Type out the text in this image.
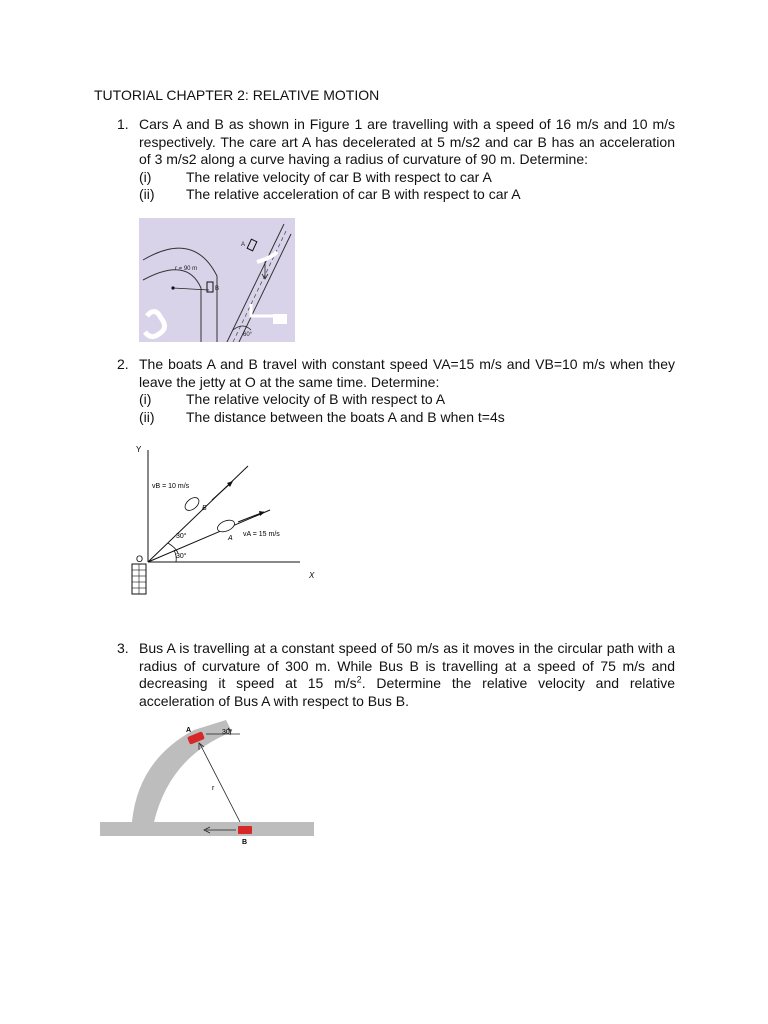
TUTORIAL CHAPTER 2: RELATIVE MOTION
1. Cars A and B as shown in Figure 1 are travelling with a speed of 16 m/s and 10 m/s respectively. The care art A has decelerated at 5 m/s2 and car B has an acceleration of 3 m/s2 along a curve having a radius of curvature of 90 m. Determine:
(i)	The relative velocity of car B with respect to car A
(ii)	The relative acceleration of car B with respect to car A
r = 90 m
B
A
60°
2. The boats A and B travel with constant speed VA=15 m/s and VB=10 m/s when they leave the jetty at O at the same time. Determine:
(i)	The relative velocity of B with respect to A
(ii)	The distance between the boats A and B when t=4s
Y
X
O
B
A
vB = 10 m/s
vA = 15 m/s
30°
30°
3. Bus A is travelling at a constant speed of 50 m/s as it moves in the circular path with a radius of curvature of 300 m. While Bus B is travelling at a speed of 75 m/s and decreasing it speed at 15 $m/s^2$. Determine the relative velocity and relative acceleration of Bus A with respect to Bus B.
r
A	30°
B
